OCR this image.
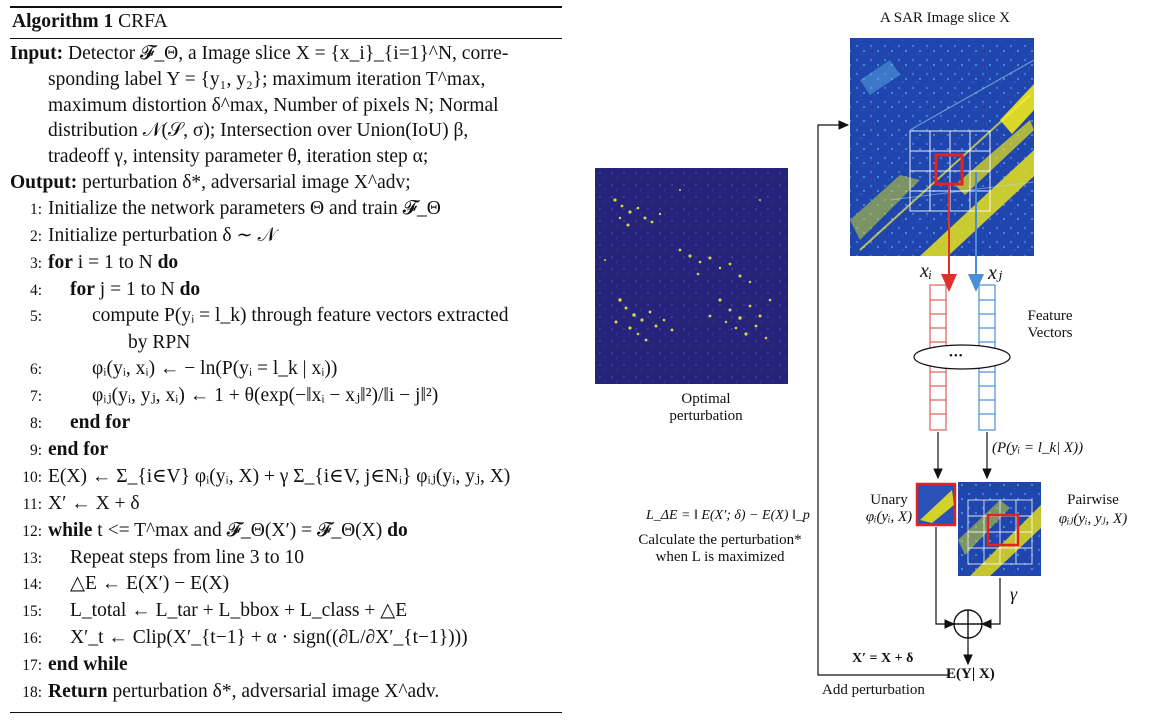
Algorithm 1 CRFA
Input: Detector 𝓕_Θ, a Image slice X = {x_i}_{i=1}^N, corre-
sponding label Y = {y₁, y₂}; maximum iteration T^max,
maximum distortion δ^max, Number of pixels N; Normal
distribution 𝒩(𝒮, σ); Intersection over Union(IoU) β,
tradeoff γ, intensity parameter θ, iteration step α;
Output: perturbation δ*, adversarial image X^adv;
1: Initialize the network parameters Θ and train 𝓕_Θ
2: Initialize perturbation δ ∼ 𝒩
3: for i = 1 to N do
4: for j = 1 to N do
5:	compute P(yᵢ = l_k) through feature vectors extracted
by RPN
6:	φᵢ(yᵢ, xᵢ) ← − ln(P(yᵢ = l_k | xᵢ))
7:	φᵢⱼ(yᵢ, yⱼ, xᵢ) ← 1 + θ(exp(−‖xᵢ − xⱼ‖²)/‖i − j‖²)
8: end for
9: end for
10: E(X) ← Σ_{i∈V} φᵢ(yᵢ, X) + γ Σ_{i∈V, j∈Nᵢ} φᵢⱼ(yᵢ, yⱼ, X)
11: X′ ← X + δ
12: while t <= T^max and 𝓕_Θ(X′) = 𝓕_Θ(X) do
13: Repeat steps from line 3 to 10
14: △E ← E(X′) − E(X)
15: L_total ← L_tar + L_bbox + L_class + △E
16: X′_t ← Clip(X′_{t−1} + α · sign((∂L/∂X′_{t−1})))
17: end while
18: Return perturbation δ*, adversarial image X^adv.
A SAR Image slice X
xᵢ	xⱼ
Feature
Vectors
•••
(P(yᵢ = l_k| X))
Optimal
perturbation
L_ΔE = ‖ E(X′; δ) − E(X) ‖_p
Calculate the perturbation*
when L is maximized
Unary
φᵢ(yᵢ, X)
Pairwise
φᵢⱼ(yᵢ, yⱼ, X)
γ
X′ = X + δ
E(Y| X)
Add perturbation
